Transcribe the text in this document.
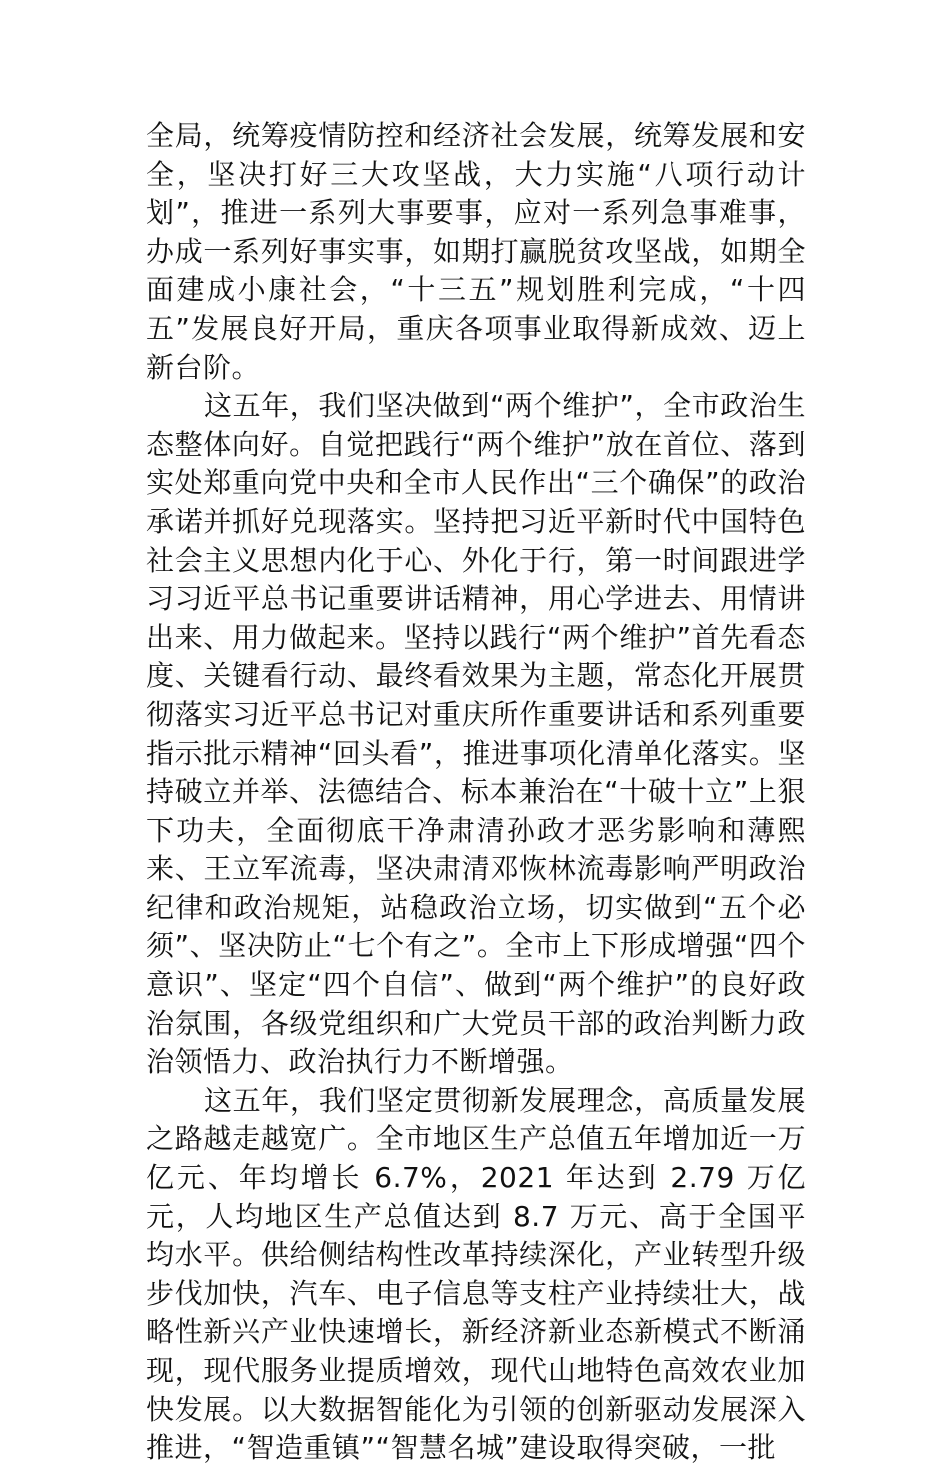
全局，统筹疫情防控和经济社会发展，统筹发展和安全，坚决打好三大攻坚战，大力实施“八项行动计划”，推进一系列大事要事，应对一系列急事难事，办成一系列好事实事，如期打赢脱贫攻坚战，如期全面建成小康社会，“十三五”规划胜利完成，“十四五”发展良好开局，重庆各项事业取得新成效、迈上新台阶。

这五年，我们坚决做到“两个维护”，全市政治生态整体向好。自觉把践行“两个维护”放在首位、落到实处郑重向党中央和全市人民作出“三个确保”的政治承诺并抓好兑现落实。坚持把习近平新时代中国特色社会主义思想内化于心、外化于行，第一时间跟进学习习近平总书记重要讲话精神，用心学进去、用情讲出来、用力做起来。坚持以践行“两个维护”首先看态度、关键看行动、最终看效果为主题，常态化开展贯彻落实习近平总书记对重庆所作重要讲话和系列重要指示批示精神“回头看”，推进事项化清单化落实。坚持破立并举、法德结合、标本兼治在“十破十立”上狠下功夫，全面彻底干净肃清孙政才恶劣影响和薄熙来、王立军流毒，坚决肃清邓恢林流毒影响严明政治纪律和政治规矩，站稳政治立场，切实做到“五个必须”、坚决防止“七个有之”。全市上下形成增强“四个意识”、坚定“四个自信”、做到“两个维护”的良好政治氛围，各级党组织和广大党员干部的政治判断力政治领悟力、政治执行力不断增强。

这五年，我们坚定贯彻新发展理念，高质量发展之路越走越宽广。全市地区生产总值五年增加近一万亿元、年均增长 6.7%，2021 年达到 2.79 万亿元，人均地区生产总值达到 8.7 万元、高于全国平均水平。供给侧结构性改革持续深化，产业转型升级步伐加快，汽车、电子信息等支柱产业持续壮大，战略性新兴产业快速增长，新经济新业态新模式不断涌现，现代服务业提质增效，现代山地特色高效农业加快发展。以大数据智能化为引领的创新驱动发展深入推进，“智造重镇”“智慧名城”建设取得突破，一批
